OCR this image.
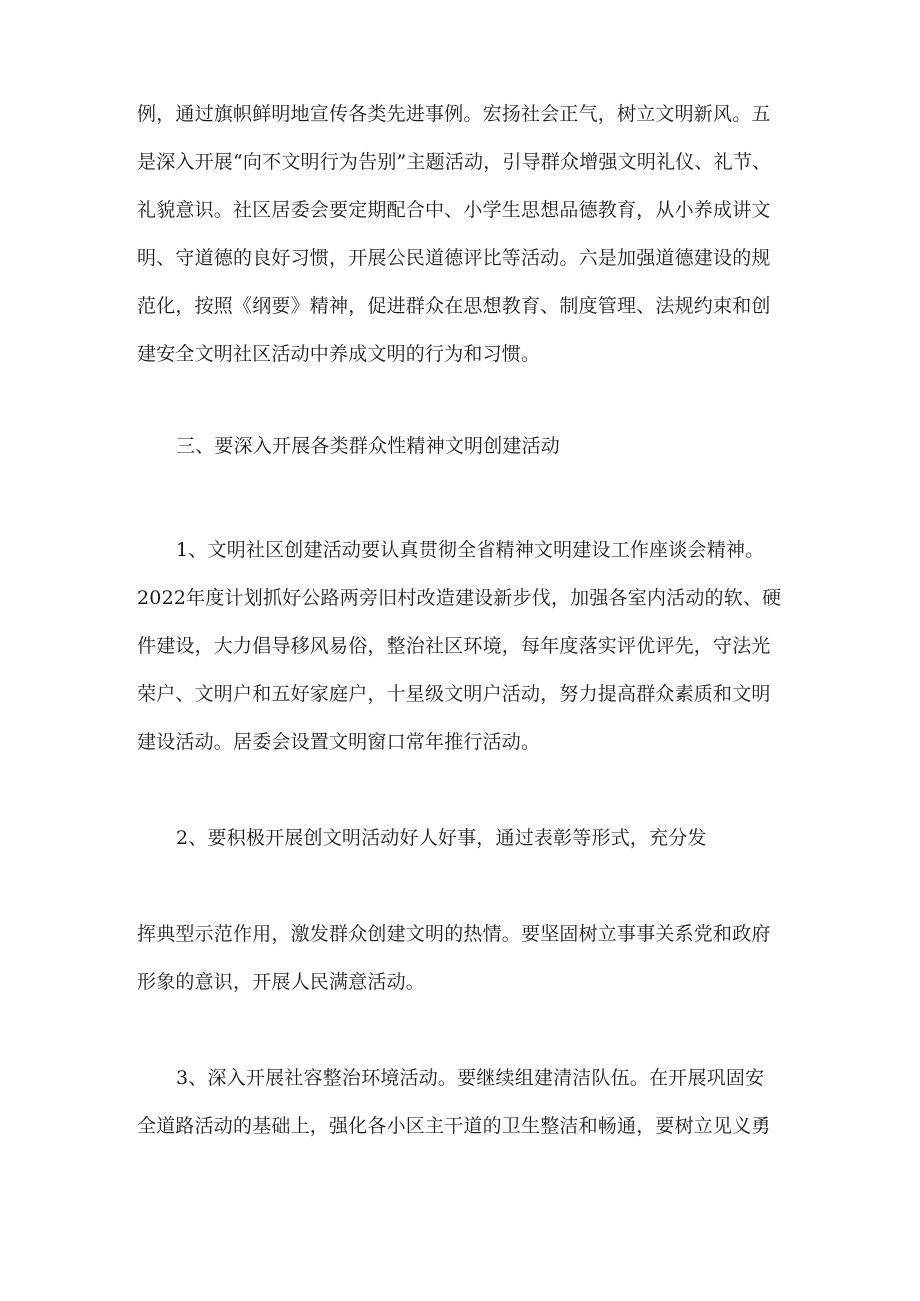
例，通过旗帜鲜明地宣传各类先进事例。宏扬社会正气，树立文明新风。五
是深入开展“向不文明行为告别”主题活动，引导群众增强文明礼仪、礼节、
礼貌意识。社区居委会要定期配合中、小学生思想品德教育，从小养成讲文
明、守道德的良好习惯，开展公民道德评比等活动。六是加强道德建设的规
范化，按照《纲要》精神，促进群众在思想教育、制度管理、法规约束和创
建安全文明社区活动中养成文明的行为和习惯。
三、要深入开展各类群众性精神文明创建活动
1、文明社区创建活动要认真贯彻全省精神文明建设工作座谈会精神。
2022年度计划抓好公路两旁旧村改造建设新步伐，加强各室内活动的软、硬
件建设，大力倡导移风易俗，整治社区环境，每年度落实评优评先，守法光
荣户、文明户和五好家庭户，十星级文明户活动，努力提高群众素质和文明
建设活动。居委会设置文明窗口常年推行活动。
2、要积极开展创文明活动好人好事，通过表彰等形式，充分发
挥典型示范作用，激发群众创建文明的热情。要坚固树立事事关系党和政府
形象的意识，开展人民满意活动。
3、深入开展社容整治环境活动。要继续组建清洁队伍。在开展巩固安
全道路活动的基础上，强化各小区主干道的卫生整洁和畅通，要树立见义勇
